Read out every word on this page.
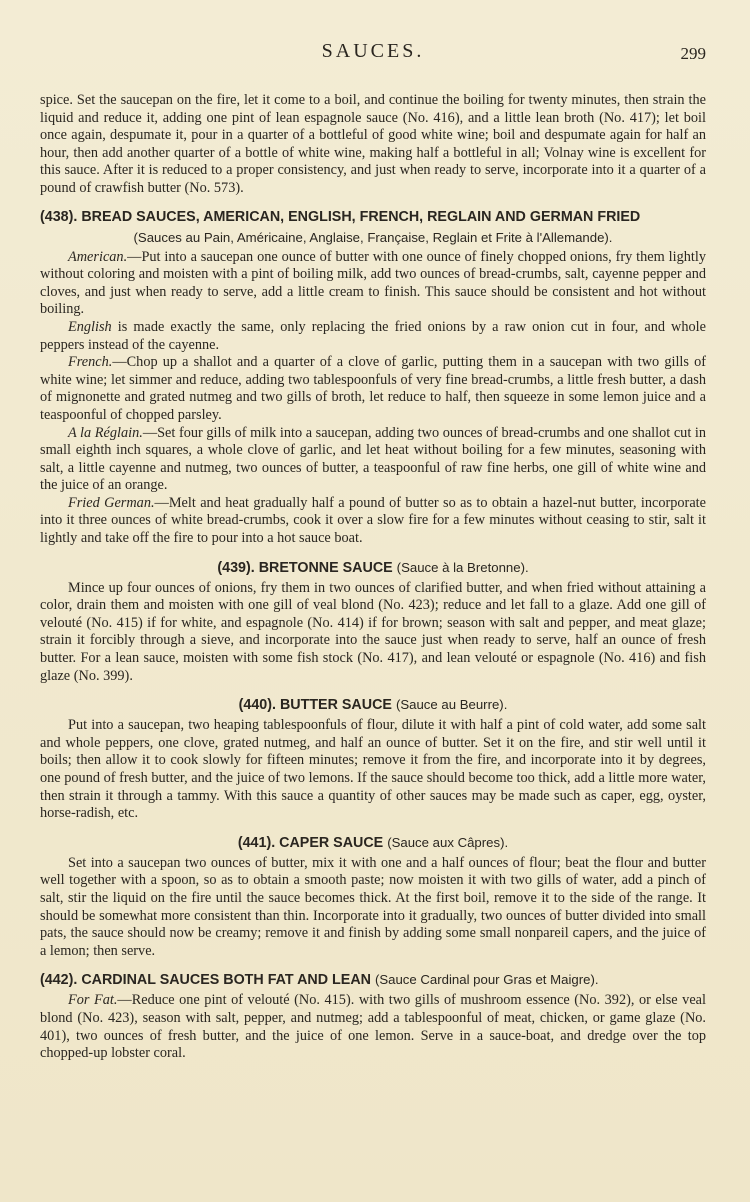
SAUCES.	299

spice. Set the saucepan on the fire, let it come to a boil, and continue the boiling for twenty minutes, then strain the liquid and reduce it, adding one pint of lean espagnole sauce (No. 416), and a little lean broth (No. 417); let boil once again, despumate it, pour in a quarter of a bottleful of good white wine; boil and despumate again for half an hour, then add another quarter of a bottle of white wine, making half a bottleful in all; Volnay wine is excellent for this sauce. After it is reduced to a proper consistency, and just when ready to serve, incorporate into it a quarter of a pound of crawfish butter (No. 573).

(438). BREAD SAUCES, AMERICAN, ENGLISH, FRENCH, REGLAIN AND GERMAN FRIED
(Sauces au Pain, Américaine, Anglaise, Française, Reglain et Frite à l'Allemande).

American.—Put into a saucepan one ounce of butter with one ounce of finely chopped onions, fry them lightly without coloring and moisten with a pint of boiling milk, add two ounces of bread-crumbs, salt, cayenne pepper and cloves, and just when ready to serve, add a little cream to finish. This sauce should be consistent and hot without boiling.

English is made exactly the same, only replacing the fried onions by a raw onion cut in four, and whole peppers instead of the cayenne.

French.—Chop up a shallot and a quarter of a clove of garlic, putting them in a saucepan with two gills of white wine; let simmer and reduce, adding two tablespoonfuls of very fine bread-crumbs, a little fresh butter, a dash of mignonette and grated nutmeg and two gills of broth, let reduce to half, then squeeze in some lemon juice and a teaspoonful of chopped parsley.

A la Réglain.—Set four gills of milk into a saucepan, adding two ounces of bread-crumbs and one shallot cut in small eighth inch squares, a whole clove of garlic, and let heat without boiling for a few minutes, seasoning with salt, a little cayenne and nutmeg, two ounces of butter, a teaspoonful of raw fine herbs, one gill of white wine and the juice of an orange.

Fried German.—Melt and heat gradually half a pound of butter so as to obtain a hazel-nut butter, incorporate into it three ounces of white bread-crumbs, cook it over a slow fire for a few minutes without ceasing to stir, salt it lightly and take off the fire to pour into a hot sauce boat.

(439). BRETONNE SAUCE (Sauce à la Bretonne).

Mince up four ounces of onions, fry them in two ounces of clarified butter, and when fried without attaining a color, drain them and moisten with one gill of veal blond (No. 423); reduce and let fall to a glaze. Add one gill of velouté (No. 415) if for white, and espagnole (No. 414) if for brown; season with salt and pepper, and meat glaze; strain it forcibly through a sieve, and incorporate into the sauce just when ready to serve, half an ounce of fresh butter. For a lean sauce, moisten with some fish stock (No. 417), and lean velouté or espagnole (No. 416) and fish glaze (No. 399).

(440). BUTTER SAUCE (Sauce au Beurre).

Put into a saucepan, two heaping tablespoonfuls of flour, dilute it with half a pint of cold water, add some salt and whole peppers, one clove, grated nutmeg, and half an ounce of butter. Set it on the fire, and stir well until it boils; then allow it to cook slowly for fifteen minutes; remove it from the fire, and incorporate into it by degrees, one pound of fresh butter, and the juice of two lemons. If the sauce should become too thick, add a little more water, then strain it through a tammy. With this sauce a quantity of other sauces may be made such as caper, egg, oyster, horse-radish, etc.

(441). CAPER SAUCE (Sauce aux Câpres).

Set into a saucepan two ounces of butter, mix it with one and a half ounces of flour; beat the flour and butter well together with a spoon, so as to obtain a smooth paste; now moisten it with two gills of water, add a pinch of salt, stir the liquid on the fire until the sauce becomes thick. At the first boil, remove it to the side of the range. It should be somewhat more consistent than thin. Incorporate into it gradually, two ounces of butter divided into small pats, the sauce should now be creamy; remove it and finish by adding some small nonpareil capers, and the juice of a lemon; then serve.

(442). CARDINAL SAUCES BOTH FAT AND LEAN (Sauce Cardinal pour Gras et Maigre).

For Fat.—Reduce one pint of velouté (No. 415). with two gills of mushroom essence (No. 392), or else veal blond (No. 423), season with salt, pepper, and nutmeg; add a tablespoonful of meat, chicken, or game glaze (No. 401), two ounces of fresh butter, and the juice of one lemon. Serve in a sauce-boat, and dredge over the top chopped-up lobster coral.
